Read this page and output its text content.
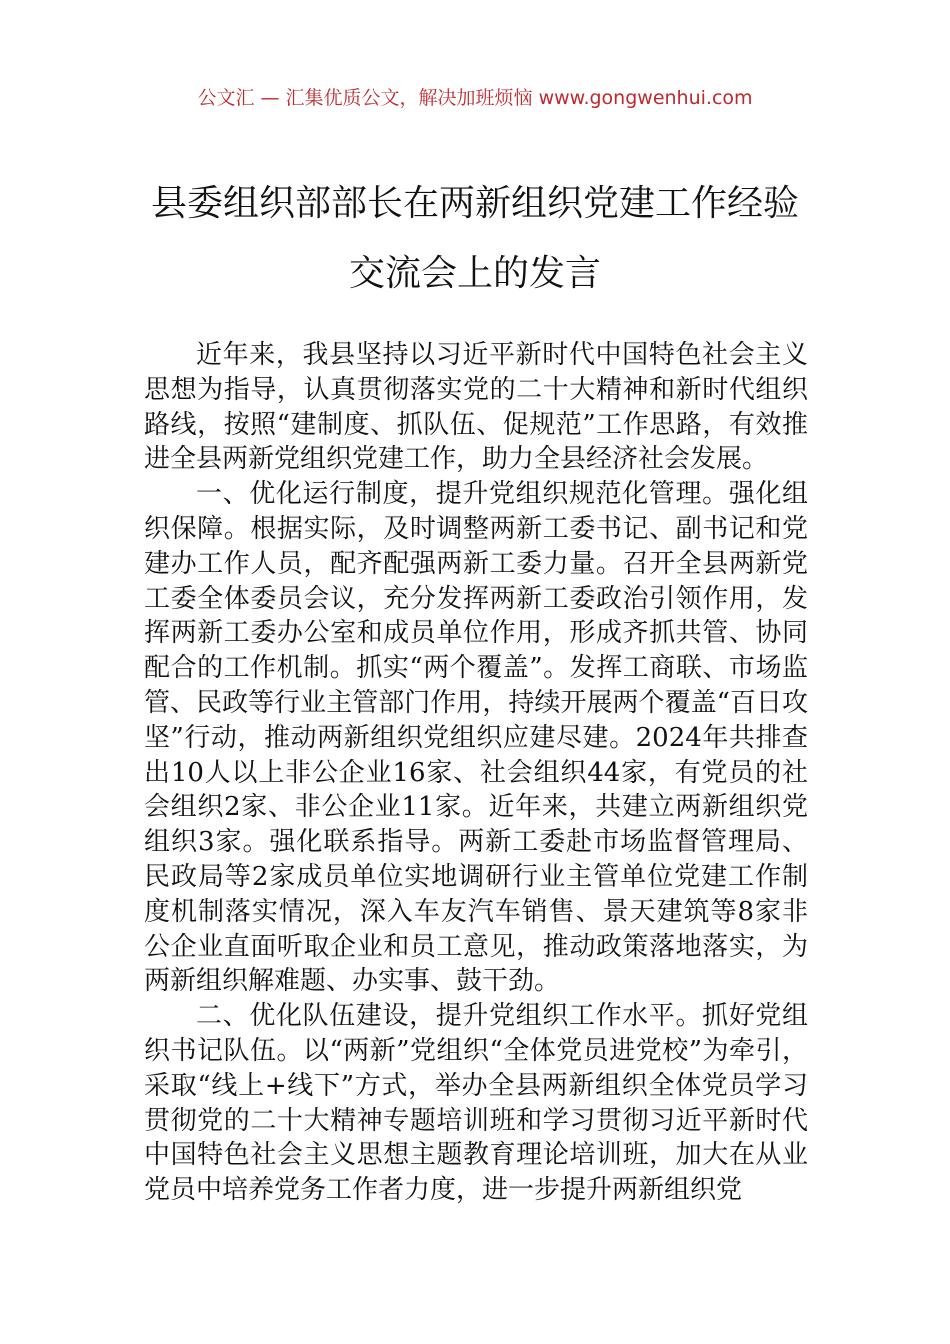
公文汇 — 汇集优质公文，解决加班烦恼 www.gongwenhui.com
县委组织部部长在两新组织党建工作经验
交流会上的发言

近年来，我县坚持以习近平新时代中国特色社会主义思想为指导，认真贯彻落实党的二十大精神和新时代组织路线，按照“建制度、抓队伍、促规范”工作思路，有效推进全县两新党组织党建工作，助力全县经济社会发展。

一、优化运行制度，提升党组织规范化管理。强化组织保障。根据实际，及时调整两新工委书记、副书记和党建办工作人员，配齐配强两新工委力量。召开全县两新党工委全体委员会议，充分发挥两新工委政治引领作用，发挥两新工委办公室和成员单位作用，形成齐抓共管、协同配合的工作机制。抓实“两个覆盖”。发挥工商联、市场监管、民政等行业主管部门作用，持续开展两个覆盖“百日攻坚”行动，推动两新组织党组织应建尽建。2024年共排查出10人以上非公企业16家、社会组织44家，有党员的社会组织2家、非公企业11家。近年来，共建立两新组织党组织3家。强化联系指导。两新工委赴市场监督管理局、民政局等2家成员单位实地调研行业主管单位党建工作制度机制落实情况，深入车友汽车销售、景天建筑等8家非公企业直面听取企业和员工意见，推动政策落地落实，为两新组织解难题、办实事、鼓干劲。

二、优化队伍建设，提升党组织工作水平。抓好党组织书记队伍。以“两新”党组织“全体党员进党校”为牵引，采取“线上+线下”方式，举办全县两新组织全体党员学习贯彻党的二十大精神专题培训班和学习贯彻习近平新时代中国特色社会主义思想主题教育理论培训班，加大在从业党员中培养党务工作者力度，进一步提升两新组织党
